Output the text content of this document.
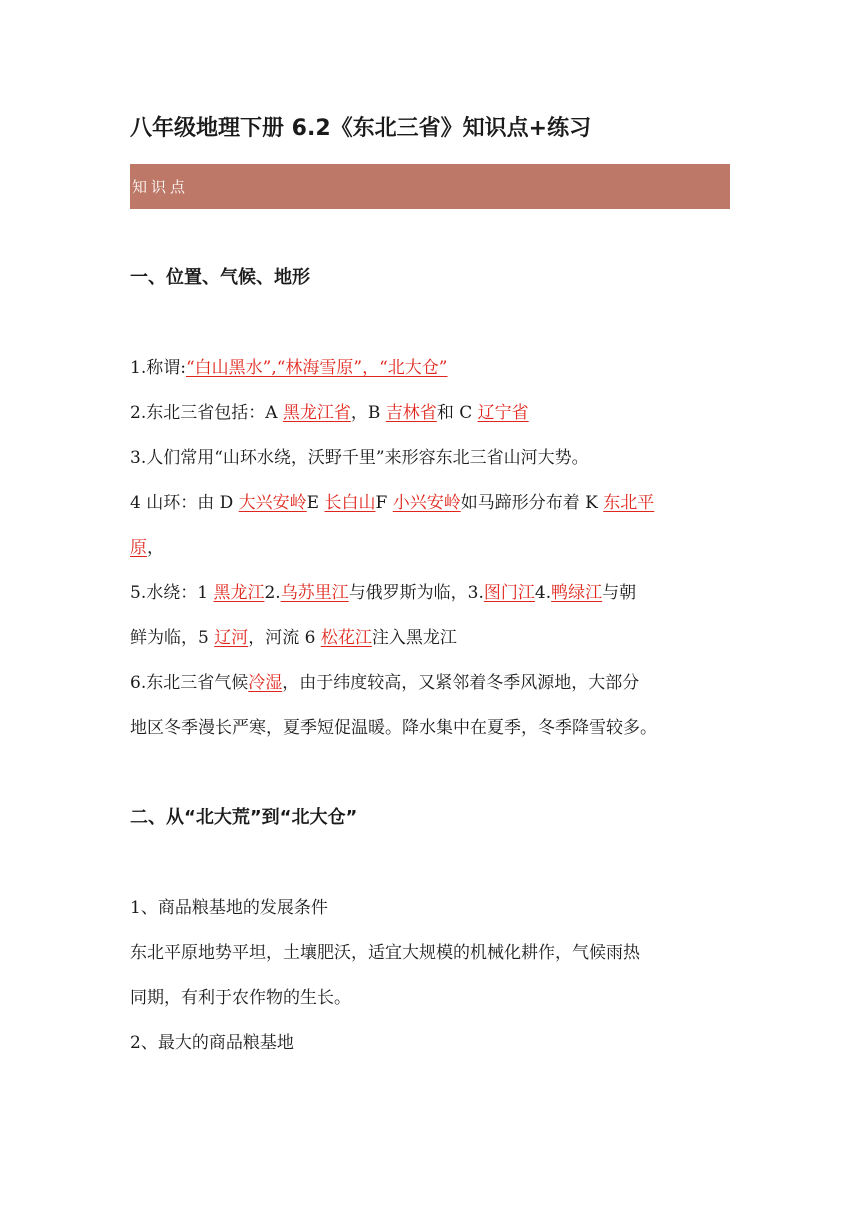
八年级地理下册 6.2《东北三省》知识点+练习
知识点
一、位置、气候、地形
1.称谓:“白山黑水”,“林海雪原”，“北大仓”
2.东北三省包括：A 黑龙江省，B 吉林省和 C 辽宁省
3.人们常用“山环水绕，沃野千里”来形容东北三省山河大势。
4 山环：由 D 大兴安岭E 长白山F 小兴安岭如马蹄形分布着 K 东北平
原，
5.水绕：1 黑龙江2.乌苏里江与俄罗斯为临，3.图门江4.鸭绿江与朝
鲜为临，5 辽河，河流 6 松花江注入黑龙江
6.东北三省气候冷湿，由于纬度较高，又紧邻着冬季风源地，大部分
地区冬季漫长严寒，夏季短促温暖。降水集中在夏季，冬季降雪较多。
二、从“北大荒”到“北大仓”
1、商品粮基地的发展条件
东北平原地势平坦，土壤肥沃，适宜大规模的机械化耕作，气候雨热
同期，有利于农作物的生长。
2、最大的商品粮基地
